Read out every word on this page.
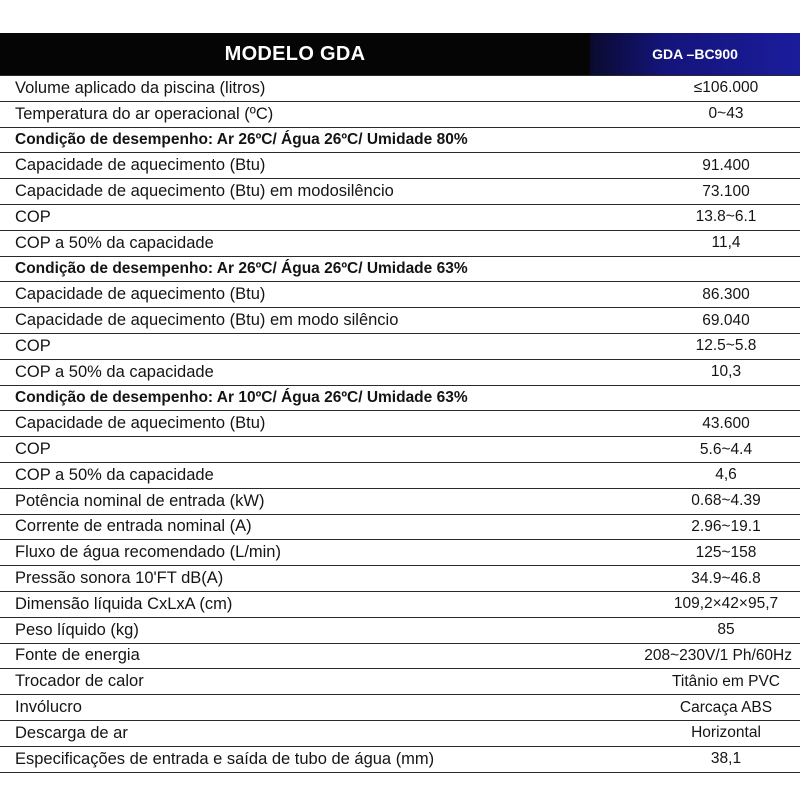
MODELO GDA	GDA –BC900
Volume aplicado da piscina (litros)	≤106.000
Temperatura do ar operacional (ºC)	0~43
Condição de desempenho: Ar 26ºC/ Água 26ºC/ Umidade 80%
Capacidade de aquecimento (Btu)	91.400
Capacidade de aquecimento (Btu) em modosilêncio	73.100
COP	13.8~6.1
COP a 50% da capacidade	11,4
Condição de desempenho: Ar 26ºC/ Água 26ºC/ Umidade 63%
Capacidade de aquecimento (Btu)	86.300
Capacidade de aquecimento (Btu) em modo silêncio	69.040
COP	12.5~5.8
COP a 50% da capacidade	10,3
Condição de desempenho: Ar 10ºC/ Água 26ºC/ Umidade 63%
Capacidade de aquecimento (Btu)	43.600
COP	5.6~4.4
COP a 50% da capacidade	4,6
Potência nominal de entrada (kW)	0.68~4.39
Corrente de entrada nominal (A)	2.96~19.1
Fluxo de água recomendado (L/min)	125~158
Pressão sonora 10'FT dB(A)	34.9~46.8
Dimensão líquida CxLxA (cm)	109,2×42×95,7
Peso líquido (kg)	85
Fonte de energia	208~230V/1 Ph/60Hz
Trocador de calor	Titânio em PVC
Invólucro	Carcaça ABS
Descarga de ar	Horizontal
Especificações de entrada e saída de tubo de água (mm)	38,1
